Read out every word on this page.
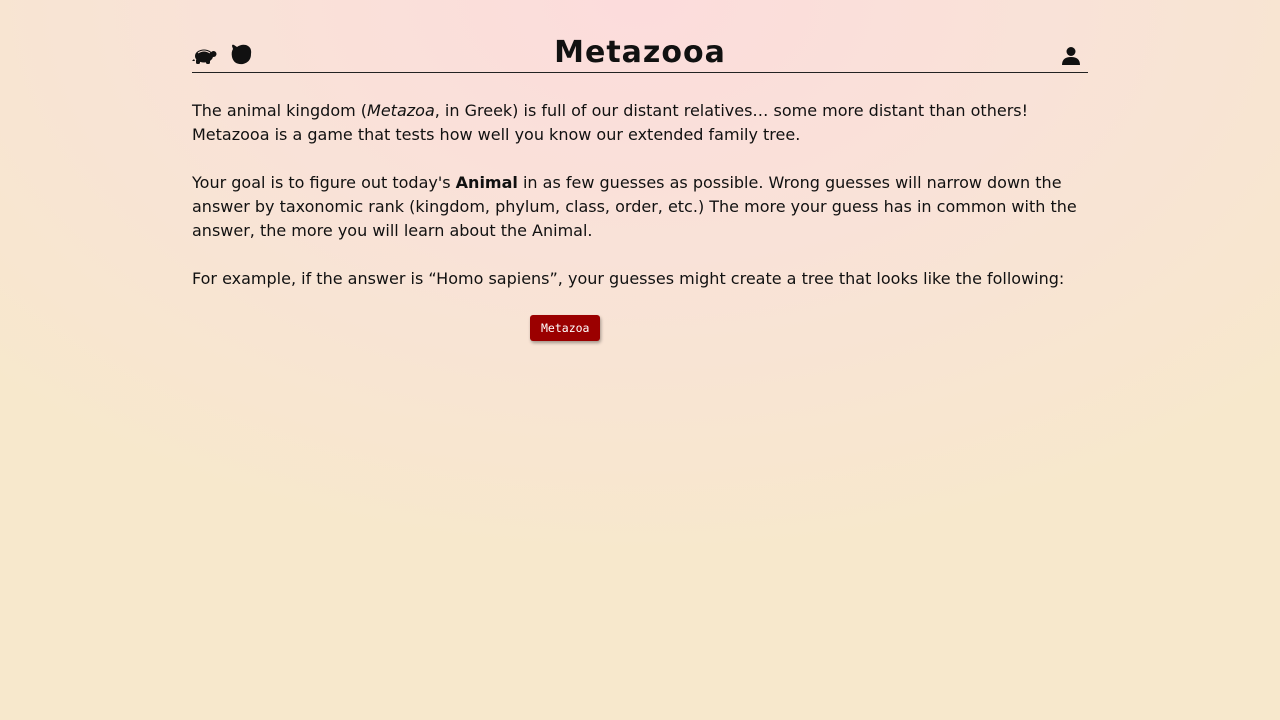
Metazooa

The animal kingdom (Metazoa, in Greek) is full of our distant relatives… some more distant than others! Metazooa is a game that tests how well you know our extended family tree.

Your goal is to figure out today's Animal in as few guesses as possible. Wrong guesses will narrow down the answer by taxonomic rank (kingdom, phylum, class, order, etc.) The more your guess has in common with the answer, the more you will learn about the Animal.

For example, if the answer is “Homo sapiens”, your guesses might create a tree that looks like the following:

Metazoa
